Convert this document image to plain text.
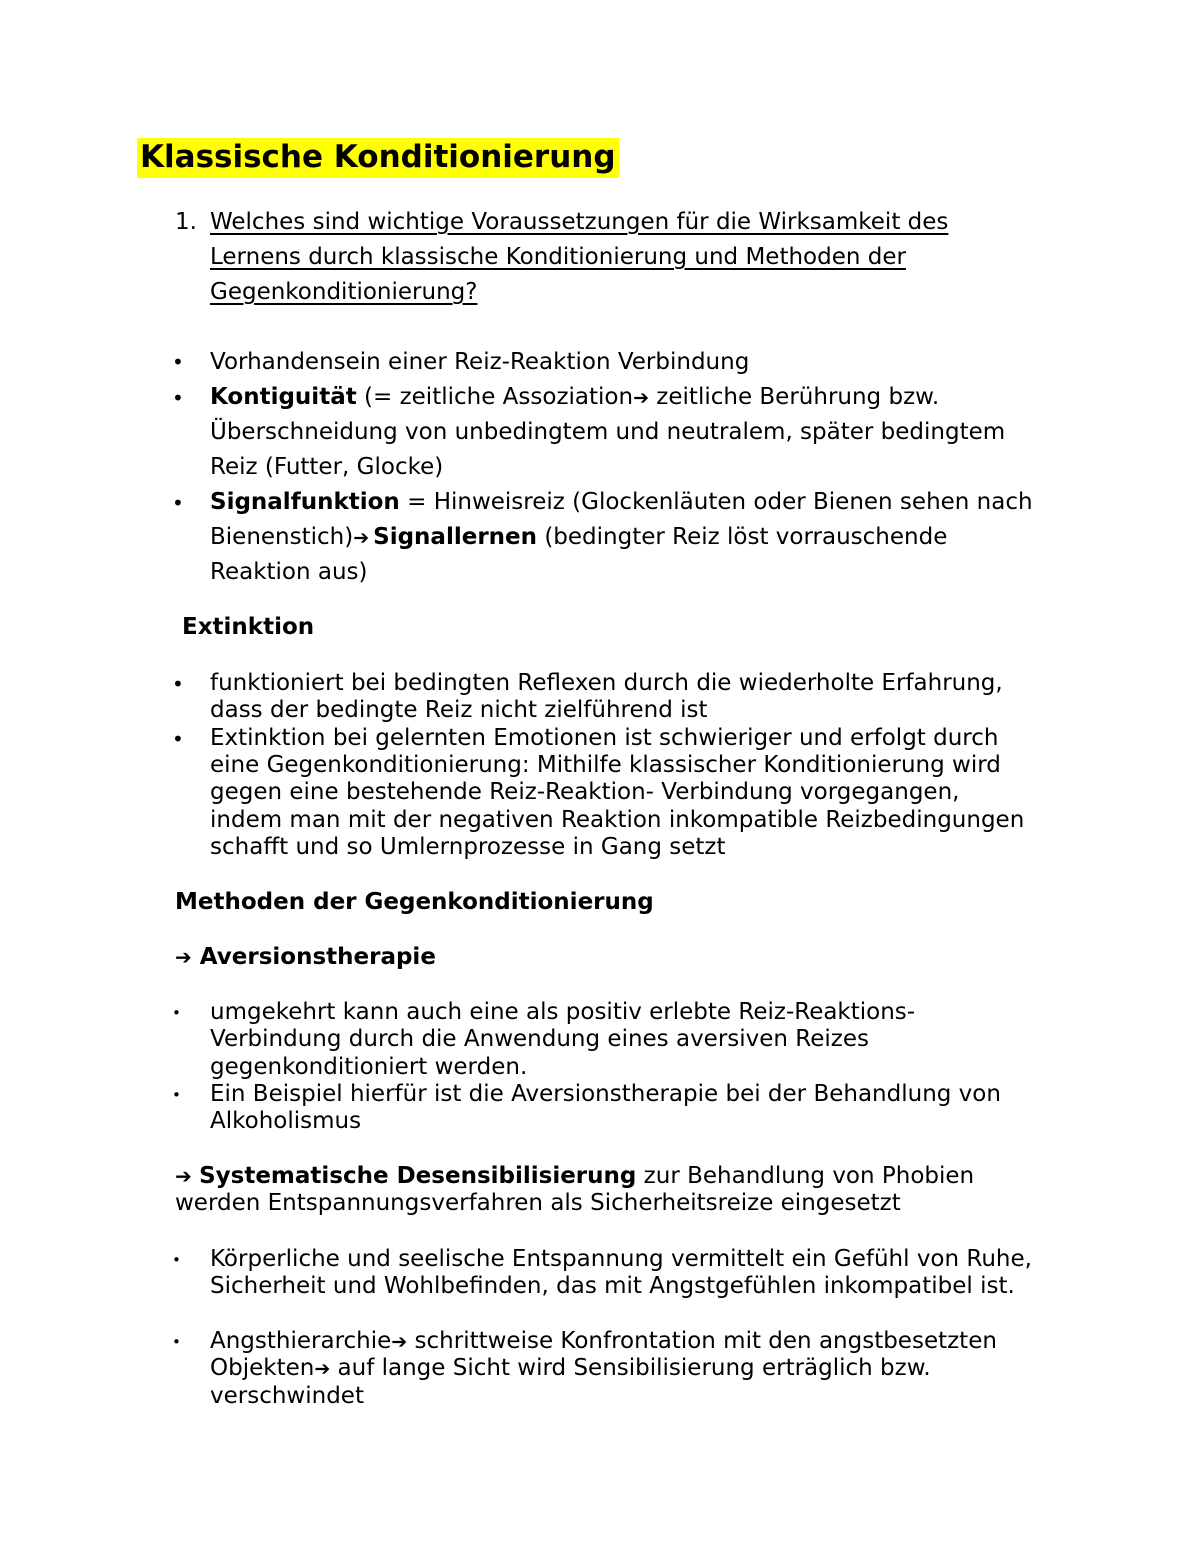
Klassische Konditionierung
1. Welches sind wichtige Voraussetzungen für die Wirksamkeit des
Lernens durch klassische Konditionierung und Methoden der
Gegenkonditionierung?
• Vorhandensein einer Reiz-Reaktion Verbindung
• Kontiguität (= zeitliche Assoziation➔ zeitliche Berührung bzw.
Überschneidung von unbedingtem und neutralem, später bedingtem
Reiz (Futter, Glocke)
• Signalfunktion = Hinweisreiz (Glockenläuten oder Bienen sehen nach
Bienenstich)➔ Signallernen (bedingter Reiz löst vorrauschende
Reaktion aus)
Extinktion
• funktioniert bei bedingten Reflexen durch die wiederholte Erfahrung,
dass der bedingte Reiz nicht zielführend ist
• Extinktion bei gelernten Emotionen ist schwieriger und erfolgt durch
eine Gegenkonditionierung: Mithilfe klassischer Konditionierung wird
gegen eine bestehende Reiz-Reaktion- Verbindung vorgegangen,
indem man mit der negativen Reaktion inkompatible Reizbedingungen
schafft und so Umlernprozesse in Gang setzt
Methoden der Gegenkonditionierung
➔ Aversionstherapie
• umgekehrt kann auch eine als positiv erlebte Reiz-Reaktions-
Verbindung durch die Anwendung eines aversiven Reizes
gegenkonditioniert werden.
• Ein Beispiel hierfür ist die Aversionstherapie bei der Behandlung von
Alkoholismus
➔ Systematische Desensibilisierung zur Behandlung von Phobien
werden Entspannungsverfahren als Sicherheitsreize eingesetzt
• Körperliche und seelische Entspannung vermittelt ein Gefühl von Ruhe,
Sicherheit und Wohlbefinden, das mit Angstgefühlen inkompatibel ist.
• Angsthierarchie➔ schrittweise Konfrontation mit den angstbesetzten
Objekten➔ auf lange Sicht wird Sensibilisierung erträglich bzw.
verschwindet
